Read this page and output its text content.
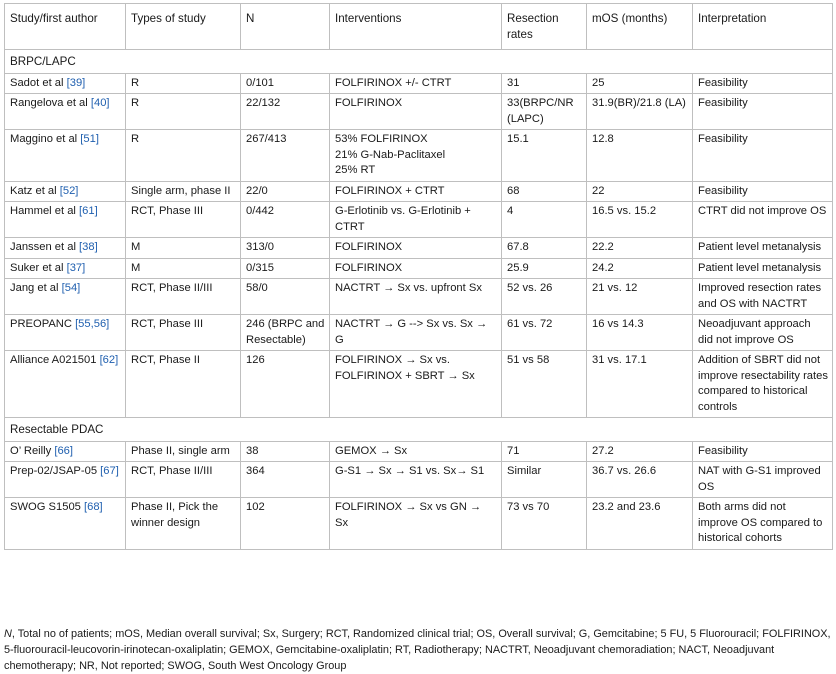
Study/first author	Types of study	N	Interventions	Resection rates	mOS (months)	Interpretation
BRPC/LAPC						
Sadot et al [39]	R	0/101	FOLFIRINOX +/- CTRT	31	25	Feasibility
Rangelova et al [40]	R	22/132	FOLFIRINOX	33(BRPC/NR (LAPC)	31.9(BR)/21.8 (LA)	Feasibility
Maggino et al [51]	R	267/413	53% FOLFIRINOX
21% G-Nab-Paclitaxel
25% RT	15.1	12.8	Feasibility
Katz et al [52]	Single arm, phase II	22/0	FOLFIRINOX + CTRT	68	22	Feasibility
Hammel et al [61]	RCT, Phase III	0/442	G-Erlotinib vs. G-Erlotinib + CTRT	4	16.5 vs. 15.2	CTRT did not improve OS
Janssen et al [38]	M	313/0	FOLFIRINOX	67.8	22.2	Patient level metanalysis
Suker et al [37]	M	0/315	FOLFIRINOX	25.9	24.2	Patient level metanalysis
Jang et al [54]	RCT, Phase II/III	58/0	NACTRT → Sx vs. upfront Sx	52 vs. 26	21 vs. 12	Improved resection rates and OS with NACTRT
PREOPANC [55,56]	RCT, Phase III	246 (BRPC and Resectable)	NACTRT → G --> Sx vs. Sx → G	61 vs. 72	16 vs 14.3	Neoadjuvant approach did not improve OS
Alliance A021501 [62]	RCT, Phase II	126	FOLFIRINOX → Sx vs. FOLFIRINOX + SBRT → Sx	51 vs 58	31 vs. 17.1	Addition of SBRT did not improve resectability rates compared to historical controls
Resectable PDAC						
O’ Reilly [66]	Phase II, single arm	38	GEMOX → Sx	71	27.2	Feasibility
Prep-02/JSAP-05 [67]	RCT, Phase II/III	364	G-S1 → Sx → S1 vs. Sx→ S1	Similar	36.7 vs. 26.6	NAT with G-S1 improved OS
SWOG S1505 [68]	Phase II, Pick the winner design	102	FOLFIRINOX → Sx vs GN → Sx	73 vs 70	23.2 and 23.6	Both arms did not improve OS compared to historical cohorts
N, Total no of patients; mOS, Median overall survival; Sx, Surgery; RCT, Randomized clinical trial; OS, Overall survival; G, Gemcitabine; 5 FU, 5 Fluorouracil; FOLFIRINOX, 5-fluorouracil-leucovorin-irinotecan-oxaliplatin; GEMOX, Gemcitabine-oxaliplatin; RT, Radiotherapy; NACTRT, Neoadjuvant chemoradiation; NACT, Neoadjuvant chemotherapy; NR, Not reported; SWOG, South West Oncology Group
